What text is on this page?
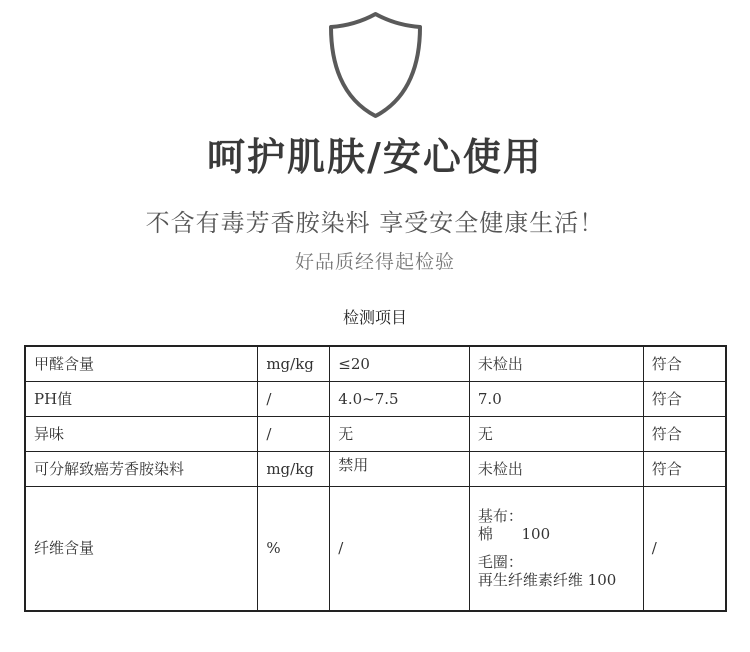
呵护肌肤/安心使用
不含有毒芳香胺染料 享受安全健康生活！
好品质经得起检验
检测项目
甲醛含量	mg/kg	≤20	未检出	符合
PH值	/	4.0~7.5	7.0	符合
异味	/	无	无	符合
可分解致癌芳香胺染料	mg/kg	禁用	未检出	符合
纤维含量	%	/	基布：
棉      100
毛圈：
再生纤维素纤维 100	/
